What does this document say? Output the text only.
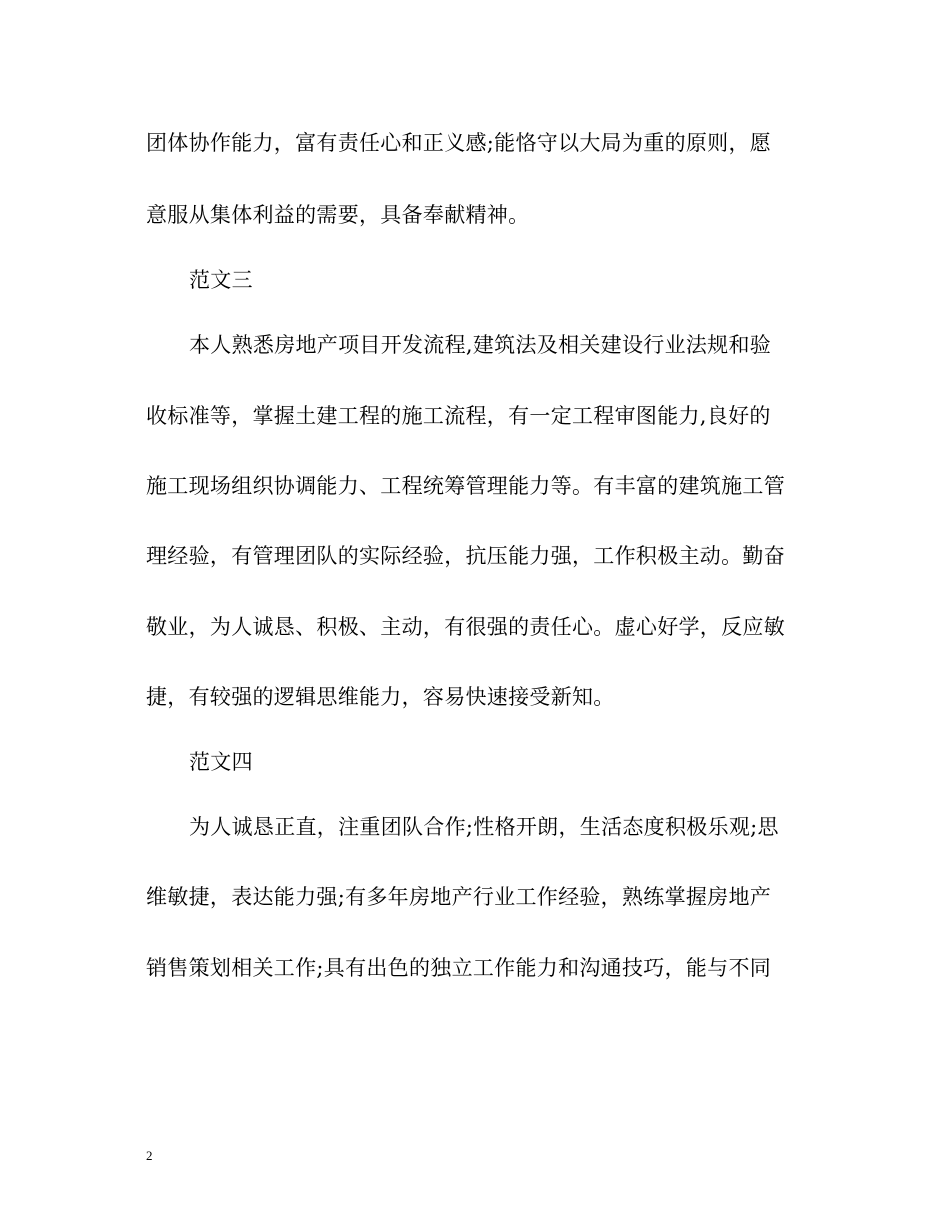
团体协作能力，富有责任心和正义感;能恪守以大局为重的原则，愿
意服从集体利益的需要，具备奉献精神。
范文三
本人熟悉房地产项目开发流程,建筑法及相关建设行业法规和验
收标准等，掌握土建工程的施工流程，有一定工程审图能力,良好的
施工现场组织协调能力、工程统筹管理能力等。有丰富的建筑施工管
理经验，有管理团队的实际经验，抗压能力强，工作积极主动。勤奋
敬业，为人诚恳、积极、主动，有很强的责任心。虚心好学，反应敏
捷，有较强的逻辑思维能力，容易快速接受新知。
范文四
为人诚恳正直，注重团队合作;性格开朗，生活态度积极乐观;思
维敏捷，表达能力强;有多年房地产行业工作经验，熟练掌握房地产
销售策划相关工作;具有出色的独立工作能力和沟通技巧，能与不同
2
